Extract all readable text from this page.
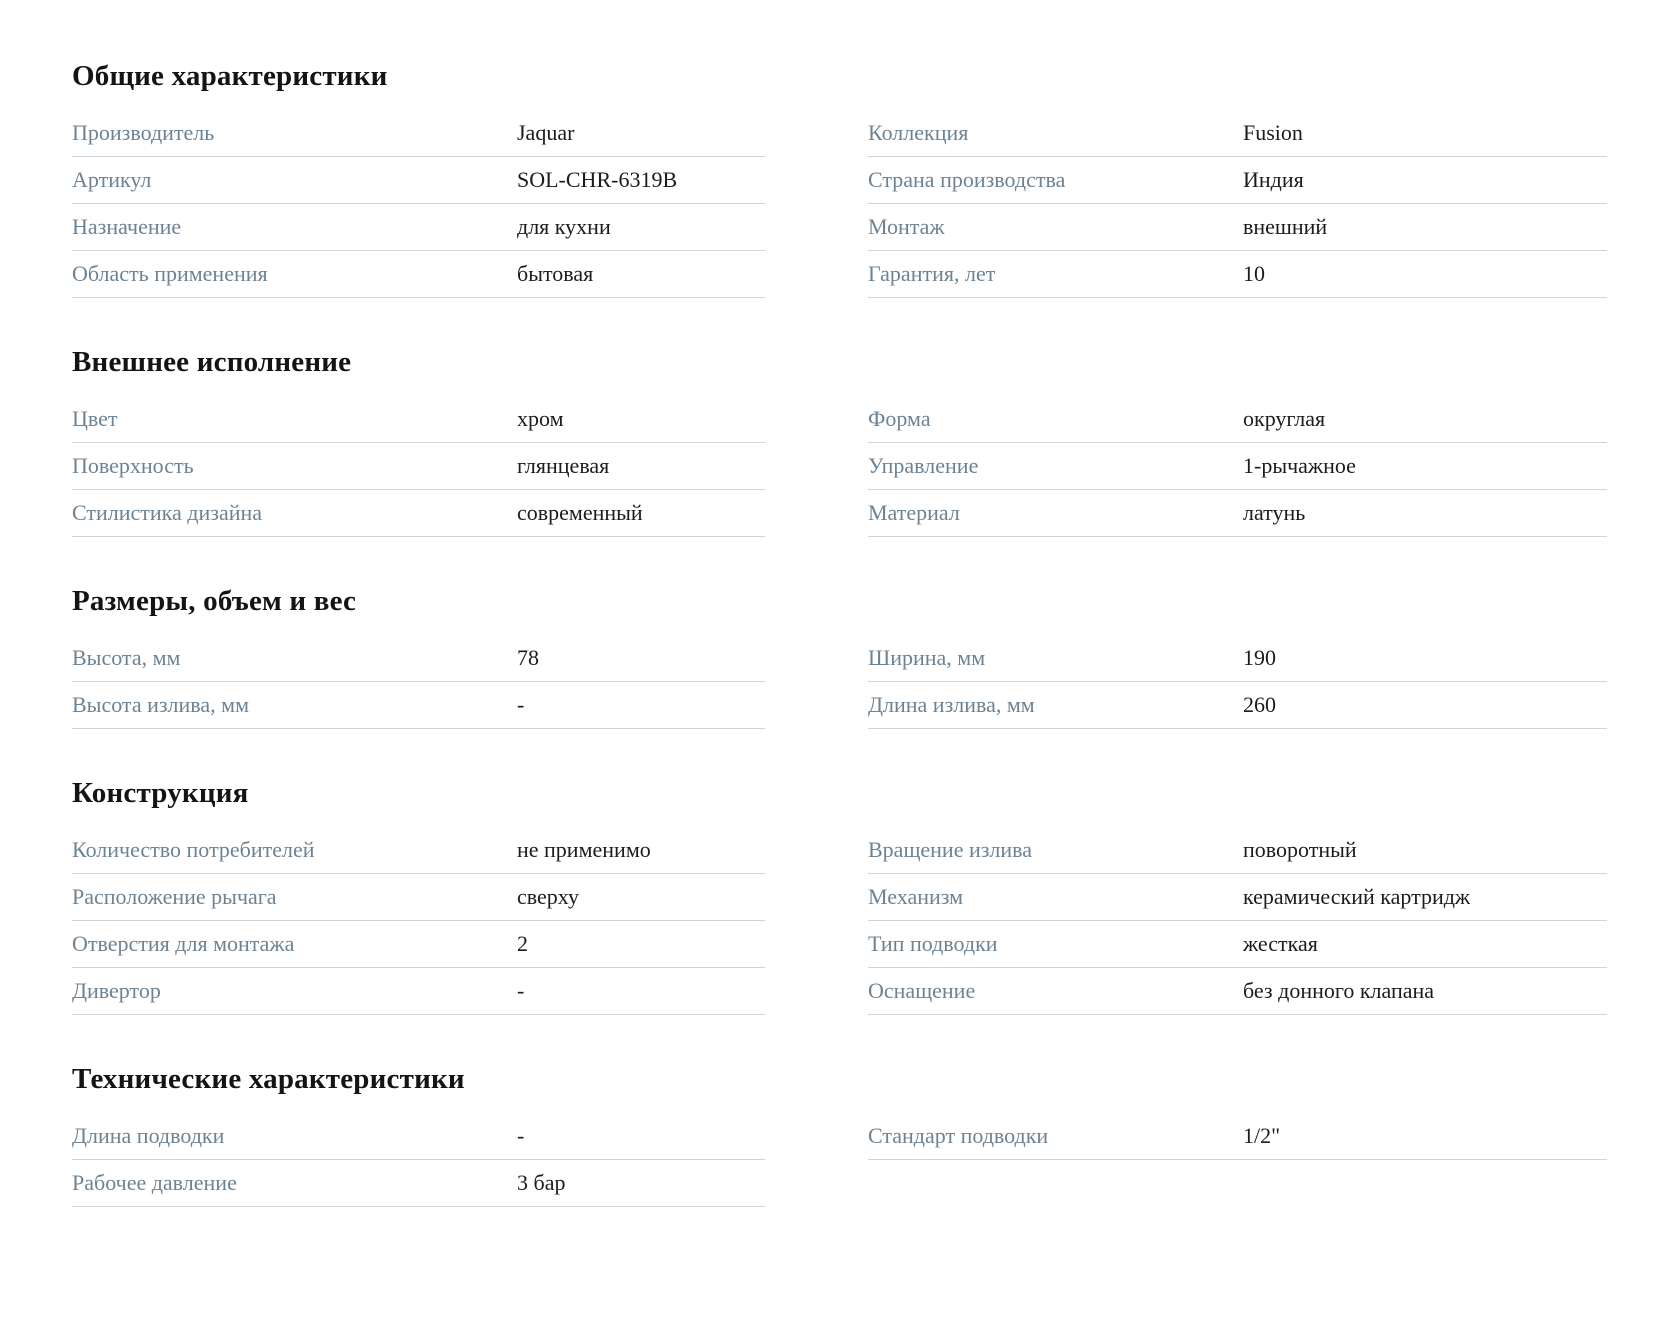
Общие характеристики
Производитель	Jaquar
Артикул	SOL-CHR-6319B
Назначение	для кухни
Область применения	бытовая
Коллекция	Fusion
Страна производства	Индия
Монтаж	внешний
Гарантия, лет	10
Внешнее исполнение
Цвет	хром
Поверхность	глянцевая
Стилистика дизайна	современный
Форма	округлая
Управление	1-рычажное
Материал	латунь
Размеры, объем и вес
Высота, мм	78
Высота излива, мм	-
Ширина, мм	190
Длина излива, мм	260
Конструкция
Количество потребителей	не применимо
Расположение рычага	сверху
Отверстия для монтажа	2
Дивертор	-
Вращение излива	поворотный
Механизм	керамический картридж
Тип подводки	жесткая
Оснащение	без донного клапана
Технические характеристики
Длина подводки	-
Рабочее давление	3 бар
Стандарт подводки	1/2"
